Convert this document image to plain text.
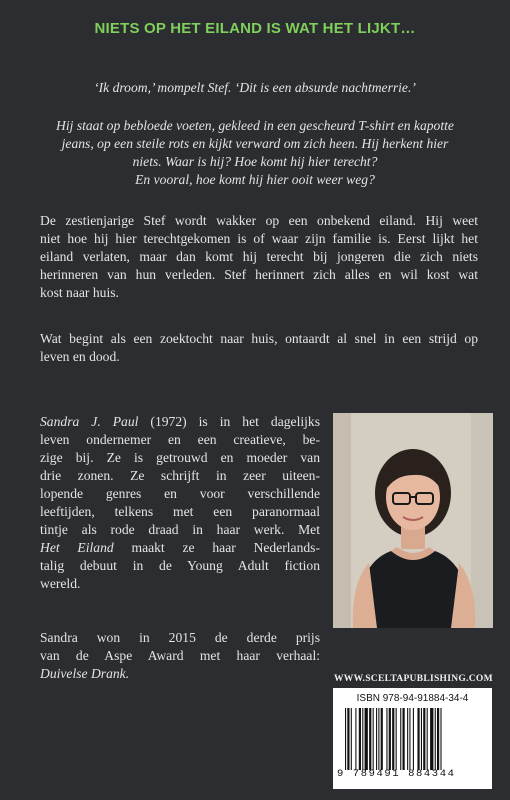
NIETS OP HET EILAND IS WAT HET LIJKT…
‘Ik droom,’ mompelt Stef. ‘Dit is een absurde nachtmerrie.’
Hij staat op bebloede voeten, gekleed in een gescheurd T-shirt en kapotte
jeans, op een steile rots en kijkt verward om zich heen. Hij herkent hier
niets. Waar is hij? Hoe komt hij hier terecht?
En vooral, hoe komt hij hier ooit weer weg?
De zestienjarige Stef wordt wakker op een onbekend eiland. Hij weet
niet hoe hij hier terechtgekomen is of waar zijn familie is. Eerst lijkt het
eiland verlaten, maar dan komt hij terecht bij jongeren die zich niets
herinneren van hun verleden. Stef herinnert zich alles en wil kost wat
kost naar huis.
Wat begint als een zoektocht naar huis, ontaardt al snel in een strijd op
leven en dood.
Sandra J. Paul (1972) is in het dagelijks
leven ondernemer en een creatieve, be-
zige bij. Ze is getrouwd en moeder van
drie zonen. Ze schrijft in zeer uiteen-
lopende genres en voor verschillende
leeftijden, telkens met een paranormaal
tintje als rode draad in haar werk. Met
Het Eiland maakt ze haar Nederlands-
talig debuut in de Young Adult fiction
wereld.
Sandra won in 2015 de derde prijs
van de Aspe Award met haar verhaal:
Duivelse Drank.	WWW.SCELTAPUBLISHING.COM
ISBN 978-94-91884-34-4
9 789491 884344
